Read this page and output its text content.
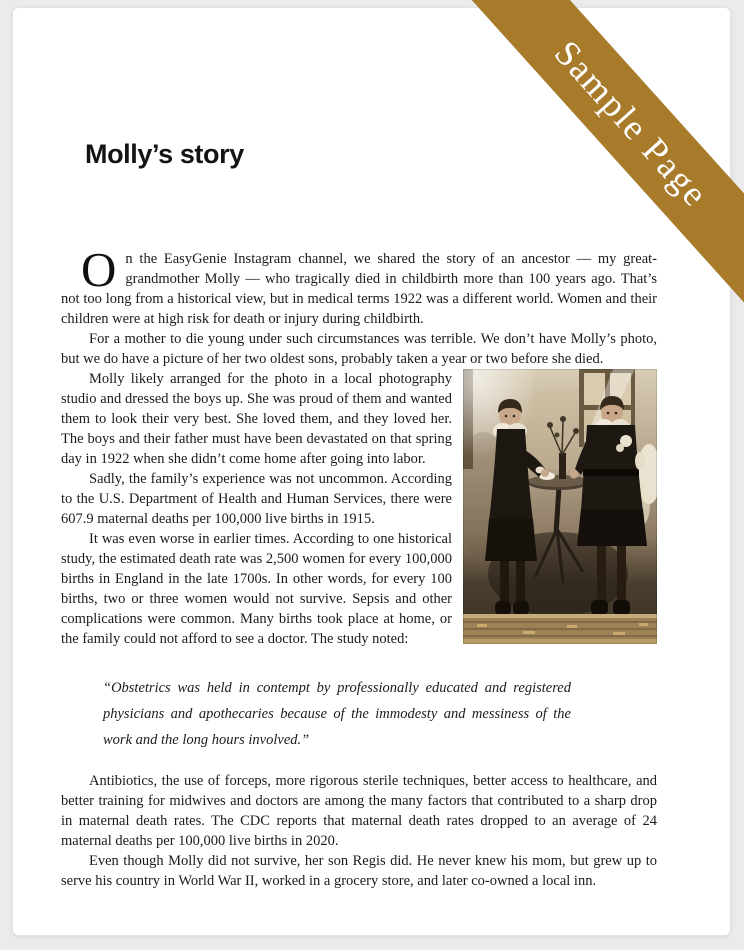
Molly’s story

On the EasyGenie Instagram channel, we shared the story of an ancestor — my great-grandmother Molly — who tragically died in childbirth more than 100 years ago. That’s not too long from a historical view, but in medical terms 1922 was a different world. Women and their children were at high risk for death or injury during childbirth.

For a mother to die young under such circumstances was terrible. We don’t have Molly’s photo, but we do have a picture of her two oldest sons, probably taken a year or two before she died.

Molly likely arranged for the photo in a local photography studio and dressed the boys up. She was proud of them and wanted them to look their very best. She loved them, and they loved her. The boys and their father must have been devastated on that spring day in 1922 when she didn’t come home after going into labor.

Sadly, the family’s experience was not uncommon. According to the U.S. Department of Health and Human Services, there were 607.9 maternal deaths per 100,000 live births in 1915.

It was even worse in earlier times. According to one historical study, the estimated death rate was 2,500 women for every 100,000 births in England in the late 1700s. In other words, for every 100 births, two or three women would not survive. Sepsis and other complications were common. Many births took place at home, or the family could not afford to see a doctor. The study noted:

“Obstetrics was held in contempt by professionally educated and registered physicians and apothecaries because of the immodesty and messiness of the work and the long hours involved.”

Antibiotics, the use of forceps, more rigorous sterile techniques, better access to healthcare, and better training for midwives and doctors are among the many factors that contributed to a sharp drop in maternal death rates. The CDC reports that maternal death rates dropped to an average of 24 maternal deaths per 100,000 live births in 2020.

Even though Molly did not survive, her son Regis did. He never knew his mom, but grew up to serve his country in World War II, worked in a grocery store, and later co-owned a local inn.

Sample Page
